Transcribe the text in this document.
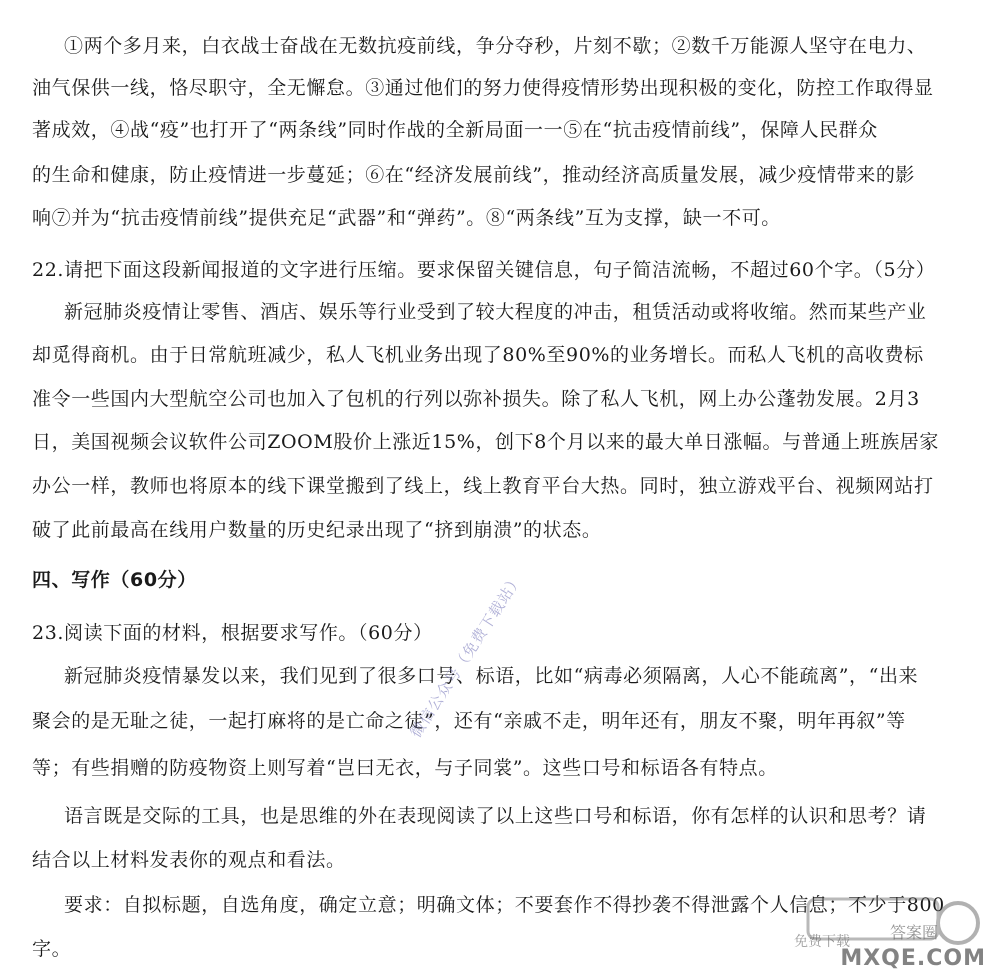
①两个多月来，白衣战士奋战在无数抗疫前线，争分夺秒，片刻不歇；②数千万能源人坚守在电力、
油气保供一线，恪尽职守，全无懈怠。③通过他们的努力使得疫情形势出现积极的变化，防控工作取得显
著成效，④战“疫”也打开了“两条线”同时作战的全新局面一一⑤在“抗击疫情前线”，保障人民群众
的生命和健康，防止疫情进一步蔓延；⑥在“经济发展前线”，推动经济高质量发展，减少疫情带来的影
响⑦并为“抗击疫情前线”提供充足“武器”和“弹药”。⑧“两条线”互为支撑，缺一不可。
22.请把下面这段新闻报道的文字进行压缩。要求保留关键信息，句子简洁流畅，不超过60个字。（5分）
新冠肺炎疫情让零售、酒店、娱乐等行业受到了较大程度的冲击，租赁活动或将收缩。然而某些产业
却觅得商机。由于日常航班减少，私人飞机业务出现了80%至90%的业务增长。而私人飞机的高收费标
准令一些国内大型航空公司也加入了包机的行列以弥补损失。除了私人飞机，网上办公蓬勃发展。2月3
日，美国视频会议软件公司ZOOM股价上涨近15%，创下8个月以来的最大单日涨幅。与普通上班族居家
办公一样，教师也将原本的线下课堂搬到了线上，线上教育平台大热。同时，独立游戏平台、视频网站打
破了此前最高在线用户数量的历史纪录出现了“挤到崩溃”的状态。
四、写作（60分）
23.阅读下面的材料，根据要求写作。（60分）
新冠肺炎疫情暴发以来，我们见到了很多口号、标语，比如“病毒必须隔离，人心不能疏离”，“出来
聚会的是无耻之徒，一起打麻将的是亡命之徒”，还有“亲戚不走，明年还有，朋友不聚，明年再叙”等
等；有些捐赠的防疫物资上则写着“岂曰无衣，与子同裳”。这些口号和标语各有特点。
语言既是交际的工具，也是思维的外在表现阅读了以上这些口号和标语，你有怎样的认识和思考？请
结合以上材料发表你的观点和看法。
要求：自拟标题，自选角度，确定立意；明确文体；不要套作不得抄袭不得泄露个人信息；不少于800
字。
微信公众号（免费下载站）
答案圈
MXQE.COM
免费下载
